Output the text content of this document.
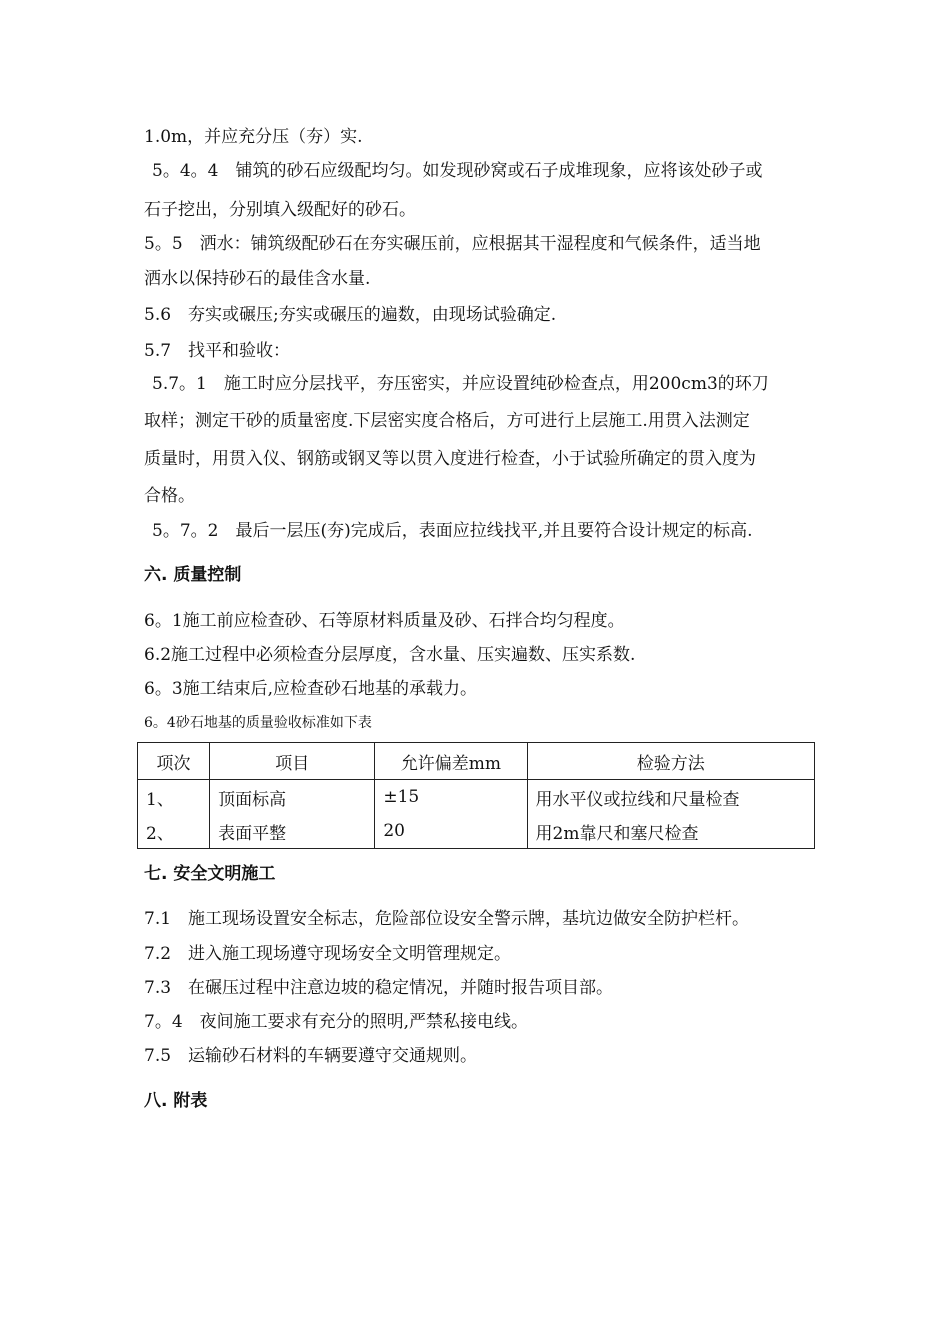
1.0m，并应充分压（夯）实.
5。4。4　铺筑的砂石应级配均匀。如发现砂窝或石子成堆现象，应将该处砂子或
石子挖出，分别填入级配好的砂石。
5。5　洒水：铺筑级配砂石在夯实碾压前，应根据其干湿程度和气候条件，适当地
洒水以保持砂石的最佳含水量.
5.6　夯实或碾压;夯实或碾压的遍数，由现场试验确定.
5.7　找平和验收：
5.7。1　施工时应分层找平，夯压密实，并应设置纯砂检查点，用200cm3的环刀
取样；测定干砂的质量密度.下层密实度合格后，方可进行上层施工.用贯入法测定
质量时，用贯入仪、钢筋或钢叉等以贯入度进行检查，小于试验所确定的贯入度为
合格。
5。7。2　最后一层压(夯)完成后，表面应拉线找平,并且要符合设计规定的标高.
六. 质量控制
6。1施工前应检查砂、石等原材料质量及砂、石拌合均匀程度。
6.2施工过程中必须检查分层厚度，含水量、压实遍数、压实系数.
6。3施工结束后,应检查砂石地基的承载力。
6。4砂石地基的质量验收标准如下表
项次	项目	允许偏差mm	检验方法
1、	顶面标高	±15	用水平仪或拉线和尺量检查
2、	表面平整	20	用2m靠尺和塞尺检查
七. 安全文明施工
7.1　施工现场设置安全标志，危险部位设安全警示牌，基坑边做安全防护栏杆。
7.2　进入施工现场遵守现场安全文明管理规定。
7.3　在碾压过程中注意边坡的稳定情况，并随时报告项目部。
7。4　夜间施工要求有充分的照明,严禁私接电线。
7.5　运输砂石材料的车辆要遵守交通规则。
八. 附表
